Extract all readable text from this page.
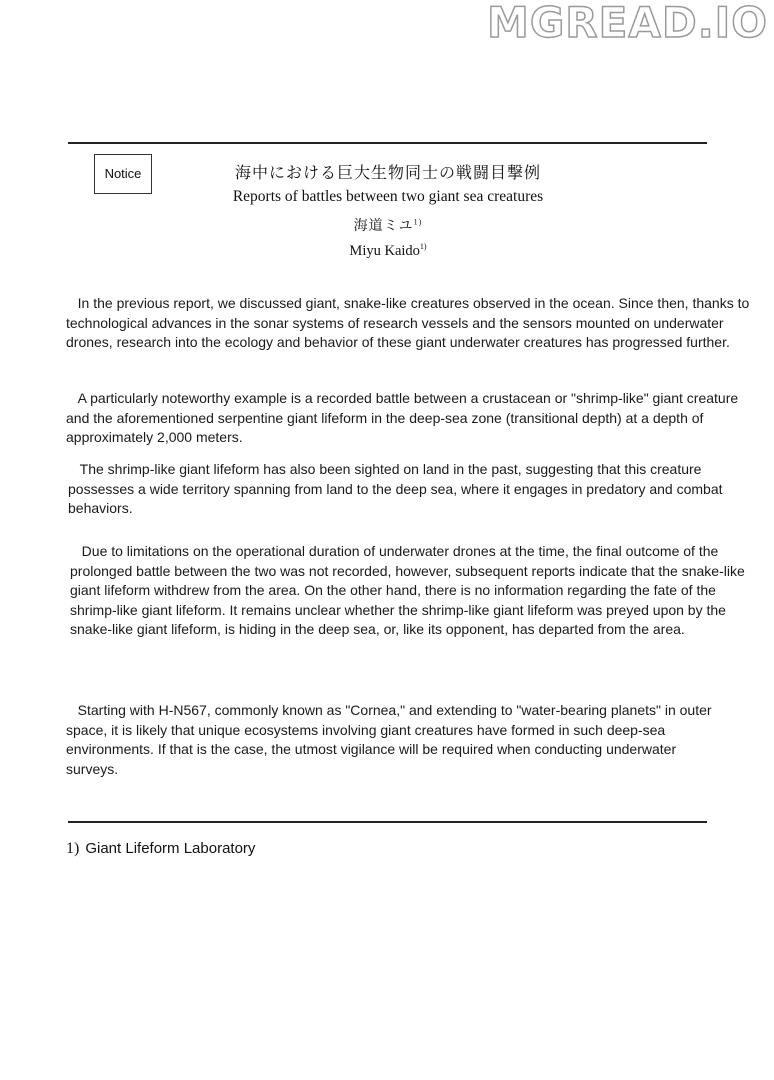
MGREAD.IO
Notice	海中における巨大生物同士の戦闘目撃例
Reports of battles between two giant sea creatures
海道ミユ$^{1)}$
Miyu Kaido$^{1)}$

In the previous report, we discussed giant, snake-like creatures observed in the ocean. Since then, thanks to technological advances in the sonar systems of research vessels and the sensors mounted on underwater drones, research into the ecology and behavior of these giant underwater creatures has progressed further.

A particularly noteworthy example is a recorded battle between a crustacean or "shrimp-like" giant creature and the aforementioned serpentine giant lifeform in the deep-sea zone (transitional depth) at a depth of approximately 2,000 meters.

The shrimp-like giant lifeform has also been sighted on land in the past, suggesting that this creature possesses a wide territory spanning from land to the deep sea, where it engages in predatory and combat behaviors.

Due to limitations on the operational duration of underwater drones at the time, the final outcome of the prolonged battle between the two was not recorded, however, subsequent reports indicate that the snake-like giant lifeform withdrew from the area. On the other hand, there is no information regarding the fate of the shrimp-like giant lifeform. It remains unclear whether the shrimp-like giant lifeform was preyed upon by the snake-like giant lifeform, is hiding in the deep sea, or, like its opponent, has departed from the area.

Starting with H-N567, commonly known as "Cornea," and extending to "water-bearing planets" in outer space, it is likely that unique ecosystems involving giant creatures have formed in such deep-sea environments. If that is the case, the utmost vigilance will be required when conducting underwater surveys.

1) Giant Lifeform Laboratory
